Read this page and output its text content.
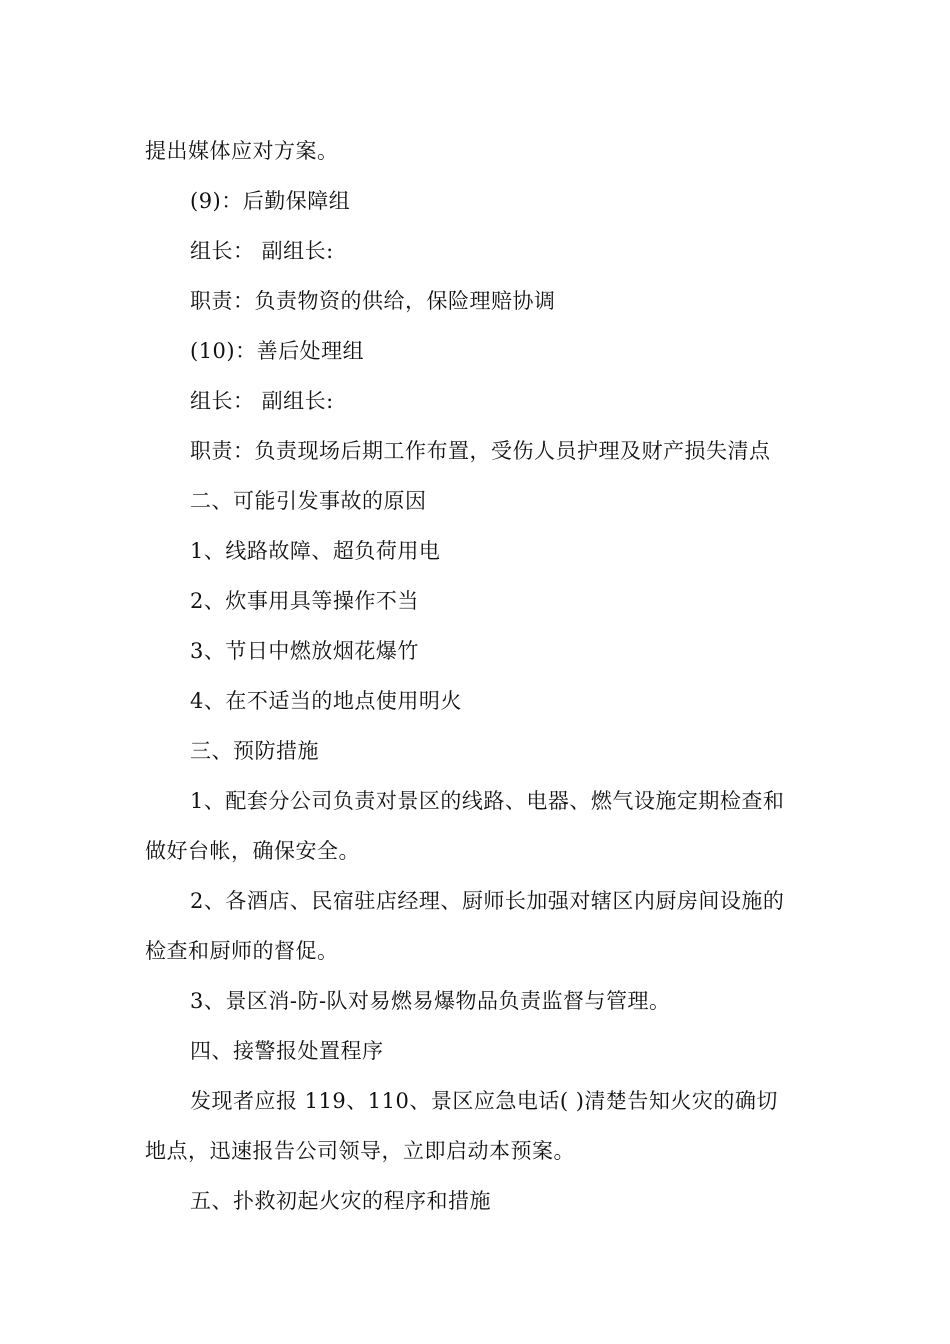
提出媒体应对方案。
(9)：后勤保障组
组长： 副组长:
职责：负责物资的供给，保险理赔协调
(10)：善后处理组
组长： 副组长:
职责：负责现场后期工作布置，受伤人员护理及财产损失清点
二、可能引发事故的原因
1、线路故障、超负荷用电
2、炊事用具等操作不当
3、节日中燃放烟花爆竹
4、在不适当的地点使用明火
三、预防措施
1、配套分公司负责对景区的线路、电器、燃气设施定期检查和
做好台帐，确保安全。
2、各酒店、民宿驻店经理、厨师长加强对辖区内厨房间设施的
检查和厨师的督促。
3、景区消-防-队对易燃易爆物品负责监督与管理。
四、接警报处置程序
发现者应报 119、110、景区应急电话( )清楚告知火灾的确切
地点，迅速报告公司领导，立即启动本预案。
五、扑救初起火灾的程序和措施
